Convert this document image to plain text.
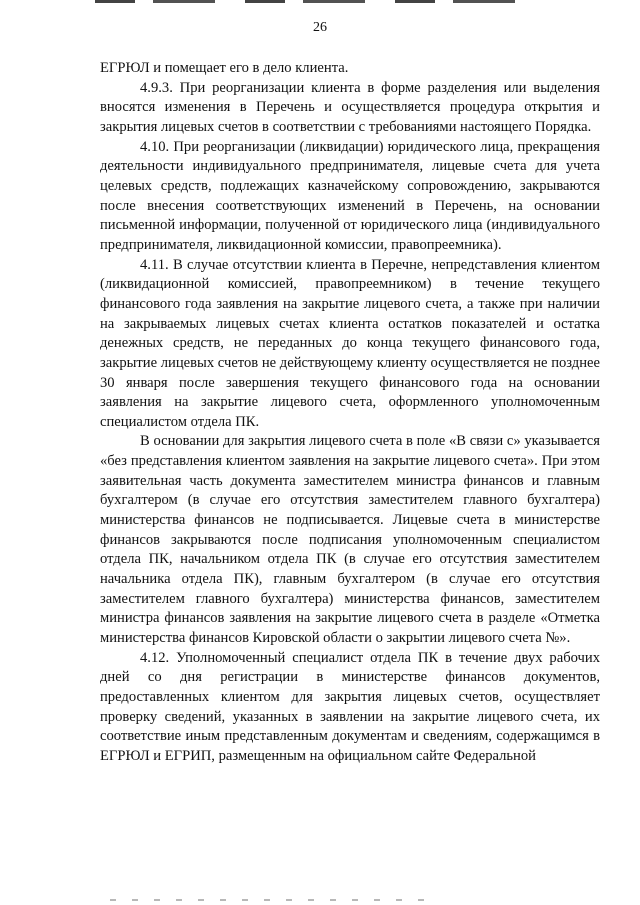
26

ЕГРЮЛ и помещает его в дело клиента.

4.9.3. При реорганизации клиента в форме разделения или выделения вносятся изменения в Перечень и осуществляется процедура открытия и закрытия лицевых счетов в соответствии с требованиями настоящего Порядка.

4.10. При реорганизации (ликвидации) юридического лица, прекращения деятельности индивидуального предпринимателя, лицевые счета для учета целевых средств, подлежащих казначейскому сопровождению, закрываются после внесения соответствующих изменений в Перечень, на основании письменной информации, полученной от юридического лица (индивидуального предпринимателя, ликвидационной комиссии, правопреемника).

4.11. В случае отсутствии клиента в Перечне, непредставления клиентом (ликвидационной комиссией, правопреемником) в течение текущего финансового года заявления на закрытие лицевого счета, а также при наличии на закрываемых лицевых счетах клиента остатков показателей и остатка денежных средств, не переданных до конца текущего финансового года, закрытие лицевых счетов не действующему клиенту осуществляется не позднее 30 января после завершения текущего финансового года на основании заявления на закрытие лицевого счета, оформленного уполномоченным специалистом отдела ПК.

В основании для закрытия лицевого счета в поле «В связи с» указывается «без представления клиентом заявления на закрытие лицевого счета». При этом заявительная часть документа заместителем министра финансов и главным бухгалтером (в случае его отсутствия заместителем главного бухгалтера) министерства финансов не подписывается. Лицевые счета в министерстве финансов закрываются после подписания уполномоченным специалистом отдела ПК, начальником отдела ПК (в случае его отсутствия заместителем начальника отдела ПК), главным бухгалтером (в случае его отсутствия заместителем главного бухгалтера) министерства финансов, заместителем министра финансов заявления на закрытие лицевого счета в разделе «Отметка министерства финансов Кировской области о закрытии лицевого счета №».

4.12. Уполномоченный специалист отдела ПК в течение двух рабочих дней со дня регистрации в министерстве финансов документов, предоставленных клиентом для закрытия лицевых счетов, осуществляет проверку сведений, указанных в заявлении на закрытие лицевого счета, их соответствие иным представленным документам и сведениям, содержащимся в ЕГРЮЛ и ЕГРИП, размещенным на официальном сайте Федеральной
